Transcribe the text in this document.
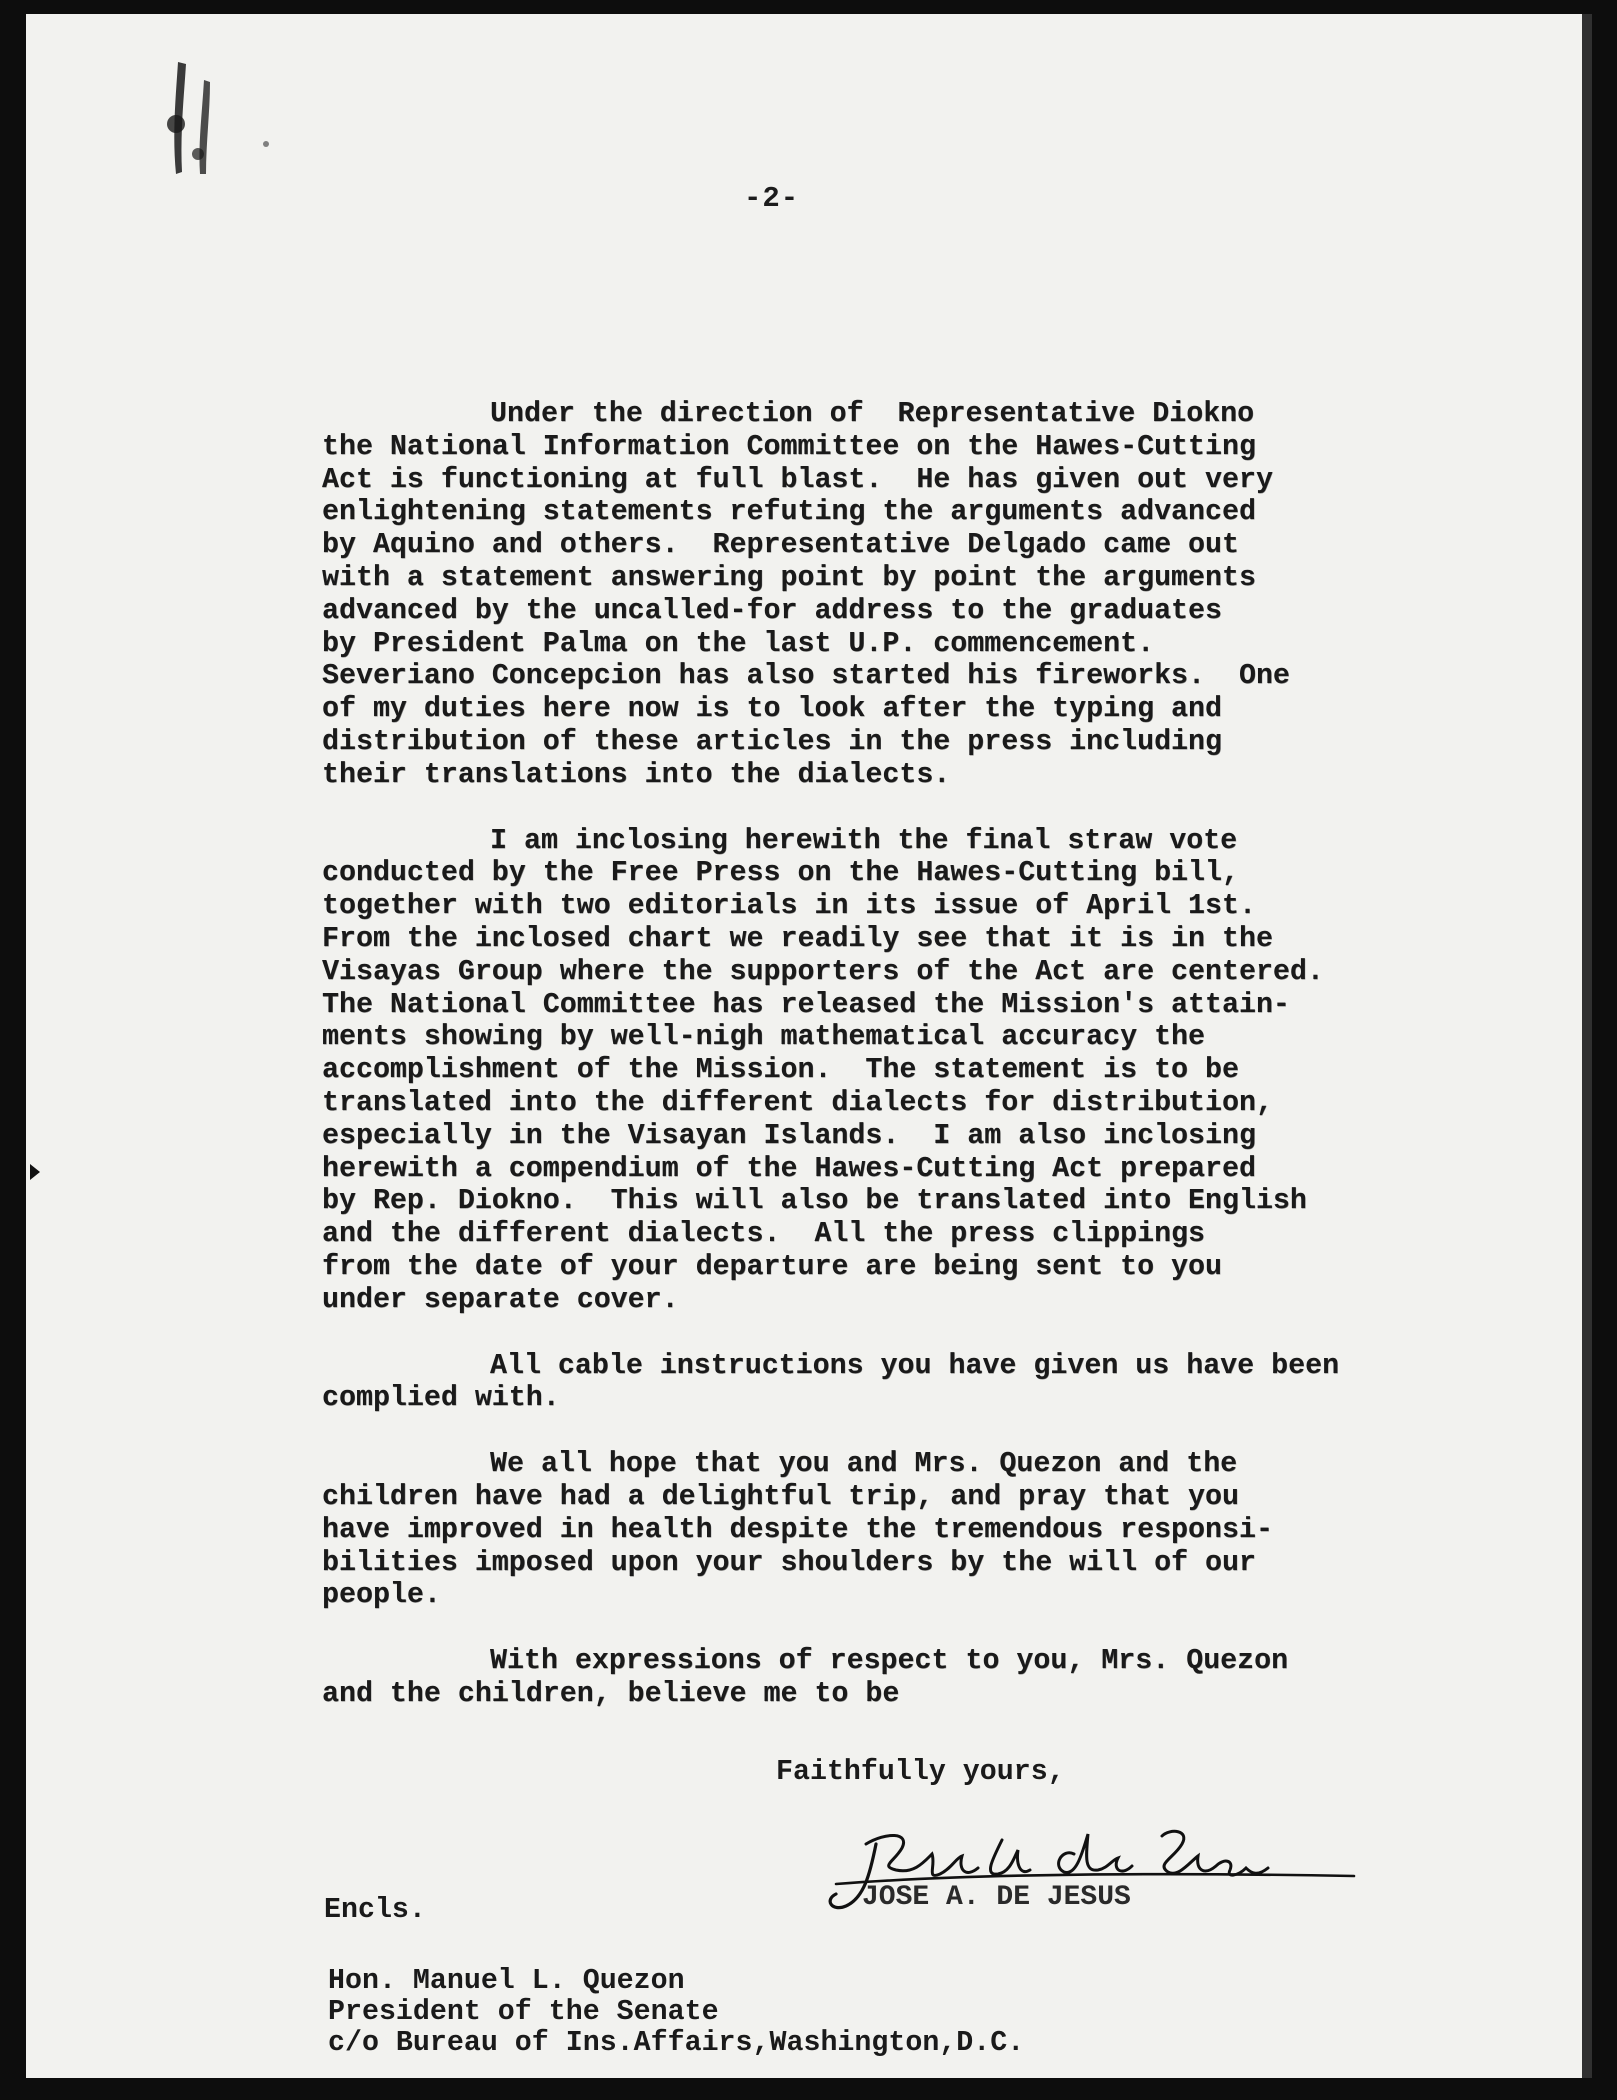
-2-
Under the direction of  Representative Diokno
the National Information Committee on the Hawes-Cutting
Act is functioning at full blast.  He has given out very
enlightening statements refuting the arguments advanced
by Aquino and others.  Representative Delgado came out
with a statement answering point by point the arguments
advanced by the uncalled-for address to the graduates
by President Palma on the last U.P. commencement.
Severiano Concepcion has also started his fireworks.  One
of my duties here now is to look after the typing and
distribution of these articles in the press including
their translations into the dialects.
I am inclosing herewith the final straw vote
conducted by the Free Press on the Hawes-Cutting bill,
together with two editorials in its issue of April 1st.
From the inclosed chart we readily see that it is in the
Visayas Group where the supporters of the Act are centered.
The National Committee has released the Mission's attain-
ments showing by well-nigh mathematical accuracy the
accomplishment of the Mission.  The statement is to be
translated into the different dialects for distribution,
especially in the Visayan Islands.  I am also inclosing
herewith a compendium of the Hawes-Cutting Act prepared
by Rep. Diokno.  This will also be translated into English
and the different dialects.  All the press clippings
from the date of your departure are being sent to you
under separate cover.
All cable instructions you have given us have been
complied with.
We all hope that you and Mrs. Quezon and the
children have had a delightful trip, and pray that you
have improved in health despite the tremendous responsi-
bilities imposed upon your shoulders by the will of our
people.
With expressions of respect to you, Mrs. Quezon
and the children, believe me to be
Faithfully yours,
JOSE A. DE JESUS
Encls.
Hon. Manuel L. Quezon
President of the Senate
c/o Bureau of Ins.Affairs,Washington,D.C.
